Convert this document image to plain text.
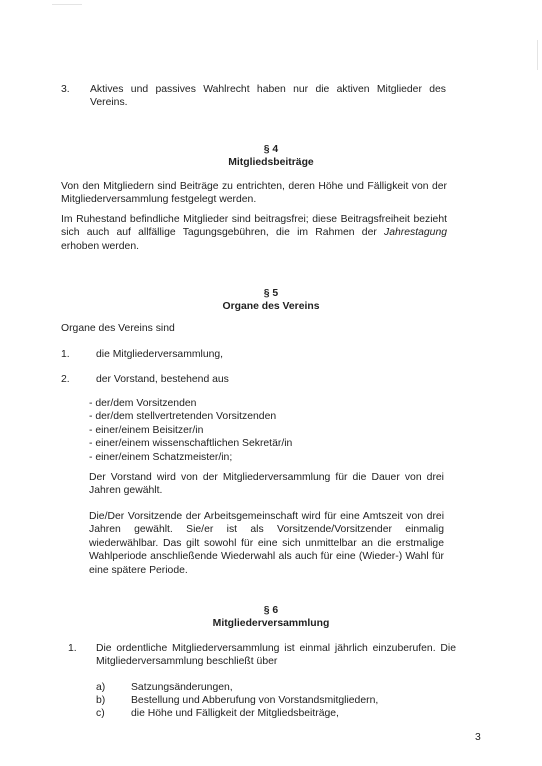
3. Aktives und passives Wahlrecht haben nur die aktiven Mitglieder des Vereins.

§ 4
Mitgliedsbeiträge

Von den Mitgliedern sind Beiträge zu entrichten, deren Höhe und Fälligkeit von der Mitgliederversammlung festgelegt werden.

Im Ruhestand befindliche Mitglieder sind beitragsfrei; diese Beitragsfreiheit bezieht sich auch auf allfällige Tagungsgebühren, die im Rahmen der Jahrestagung erhoben werden.

§ 5
Organe des Vereins

Organe des Vereins sind

1.	die Mitgliederversammlung,
2.	der Vorstand, bestehend aus
- der/dem Vorsitzenden
- der/dem stellvertretenden Vorsitzenden
- einer/einem Beisitzer/in
- einer/einem wissenschaftlichen Sekretär/in
- einer/einem Schatzmeister/in;

Der Vorstand wird von der Mitgliederversammlung für die Dauer von drei Jahren gewählt.

Die/Der Vorsitzende der Arbeitsgemeinschaft wird für eine Amtszeit von drei Jahren gewählt. Sie/er ist als Vorsitzende/Vorsitzender einmalig wiederwählbar. Das gilt sowohl für eine sich unmittelbar an die erstmalige Wahlperiode anschließende Wiederwahl als auch für eine (Wieder-) Wahl für eine spätere Periode.

§ 6
Mitgliederversammlung
1. Die ordentliche Mitgliederversammlung ist einmal jährlich einzuberufen. Die Mitgliederversammlung beschließt über

a) Satzungsänderungen,
b) Bestellung und Abberufung von Vorstandsmitgliedern,
c)	die Höhe und Fälligkeit der Mitgliedsbeiträge,
3
